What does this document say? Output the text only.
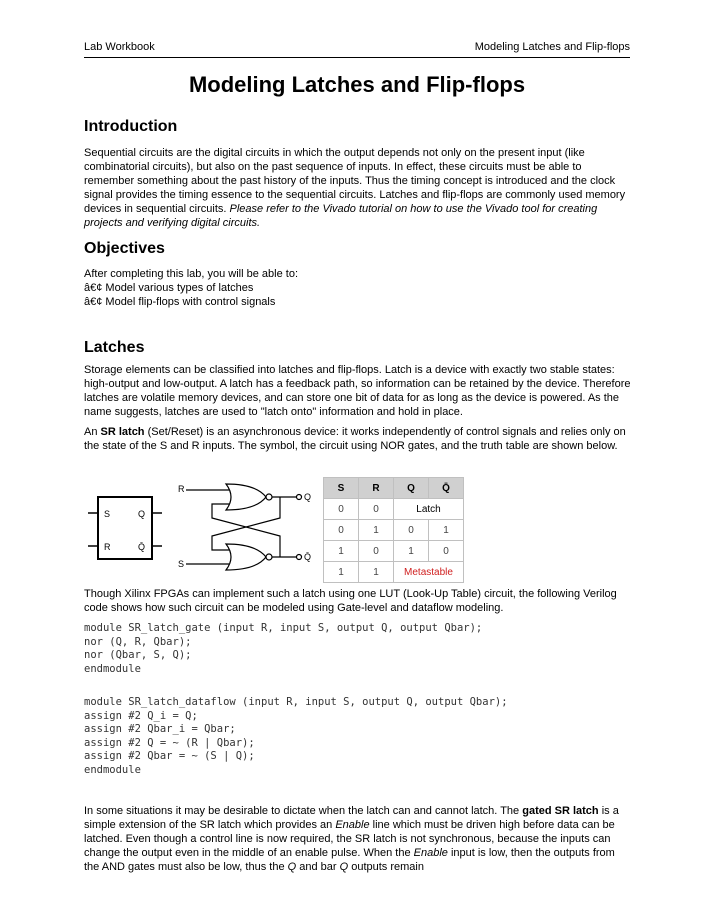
Lab Workbook	Modeling Latches and Flip-flops
Modeling Latches and Flip-flops
Introduction

Sequential circuits are the digital circuits in which the output depends not only on the present input (like combinatorial circuits), but also on the past sequence of inputs. In effect, these circuits must be able to remember something about the past history of the inputs. Thus the timing concept is introduced and the clock signal provides the timing essence to the sequential circuits. Latches and flip-flops are commonly used memory devices in sequential circuits. Please refer to the Vivado tutorial on how to use the Vivado tool for creating projects and verifying digital circuits.

Objectives
After completing this lab, you will be able to:
â€¢ Model various types of latches
â€¢ Model flip-flops with control signals
Latches

Storage elements can be classified into latches and flip-flops. Latch is a device with exactly two stable states: high-output and low-output. A latch has a feedback path, so information can be retained by the device. Therefore latches are volatile memory devices, and can store one bit of data for as long as the device is powered. As the name suggests, latches are used to "latch onto" information and hold in place.

An SR latch (Set/Reset) is an asynchronous device: it works independently of control signals and relies only on the state of the S and R inputs. The symbol, the circuit using NOR gates, and the truth table are shown below.

S	Q
R	Q̄
R
S
Q
Q̄
S	R	Q	Q̄
0	0	Latch	
0	1	0	1
1	0	1	0
1	1	Metastable	

Though Xilinx FPGAs can implement such a latch using one LUT (Look-Up Table) circuit, the following Verilog code shows how such circuit can be modeled using Gate-level and dataflow modeling.

module SR_latch_gate (input R, input S, output Q, output Qbar);
nor (Q, R, Qbar);
nor (Qbar, S, Q);
endmodule
module SR_latch_dataflow (input R, input S, output Q, output Qbar);
assign #2 Q_i = Q;
assign #2 Qbar_i = Qbar;
assign #2 Q = ~ (R | Qbar);
assign #2 Qbar = ~ (S | Q);
endmodule

In some situations it may be desirable to dictate when the latch can and cannot latch. The gated SR latch is a simple extension of the SR latch which provides an Enable line which must be driven high before data can be latched. Even though a control line is now required, the SR latch is not synchronous, because the inputs can change the output even in the middle of an enable pulse. When the Enable input is low, then the outputs from the AND gates must also be low, thus the Q and bar Q outputs remain
